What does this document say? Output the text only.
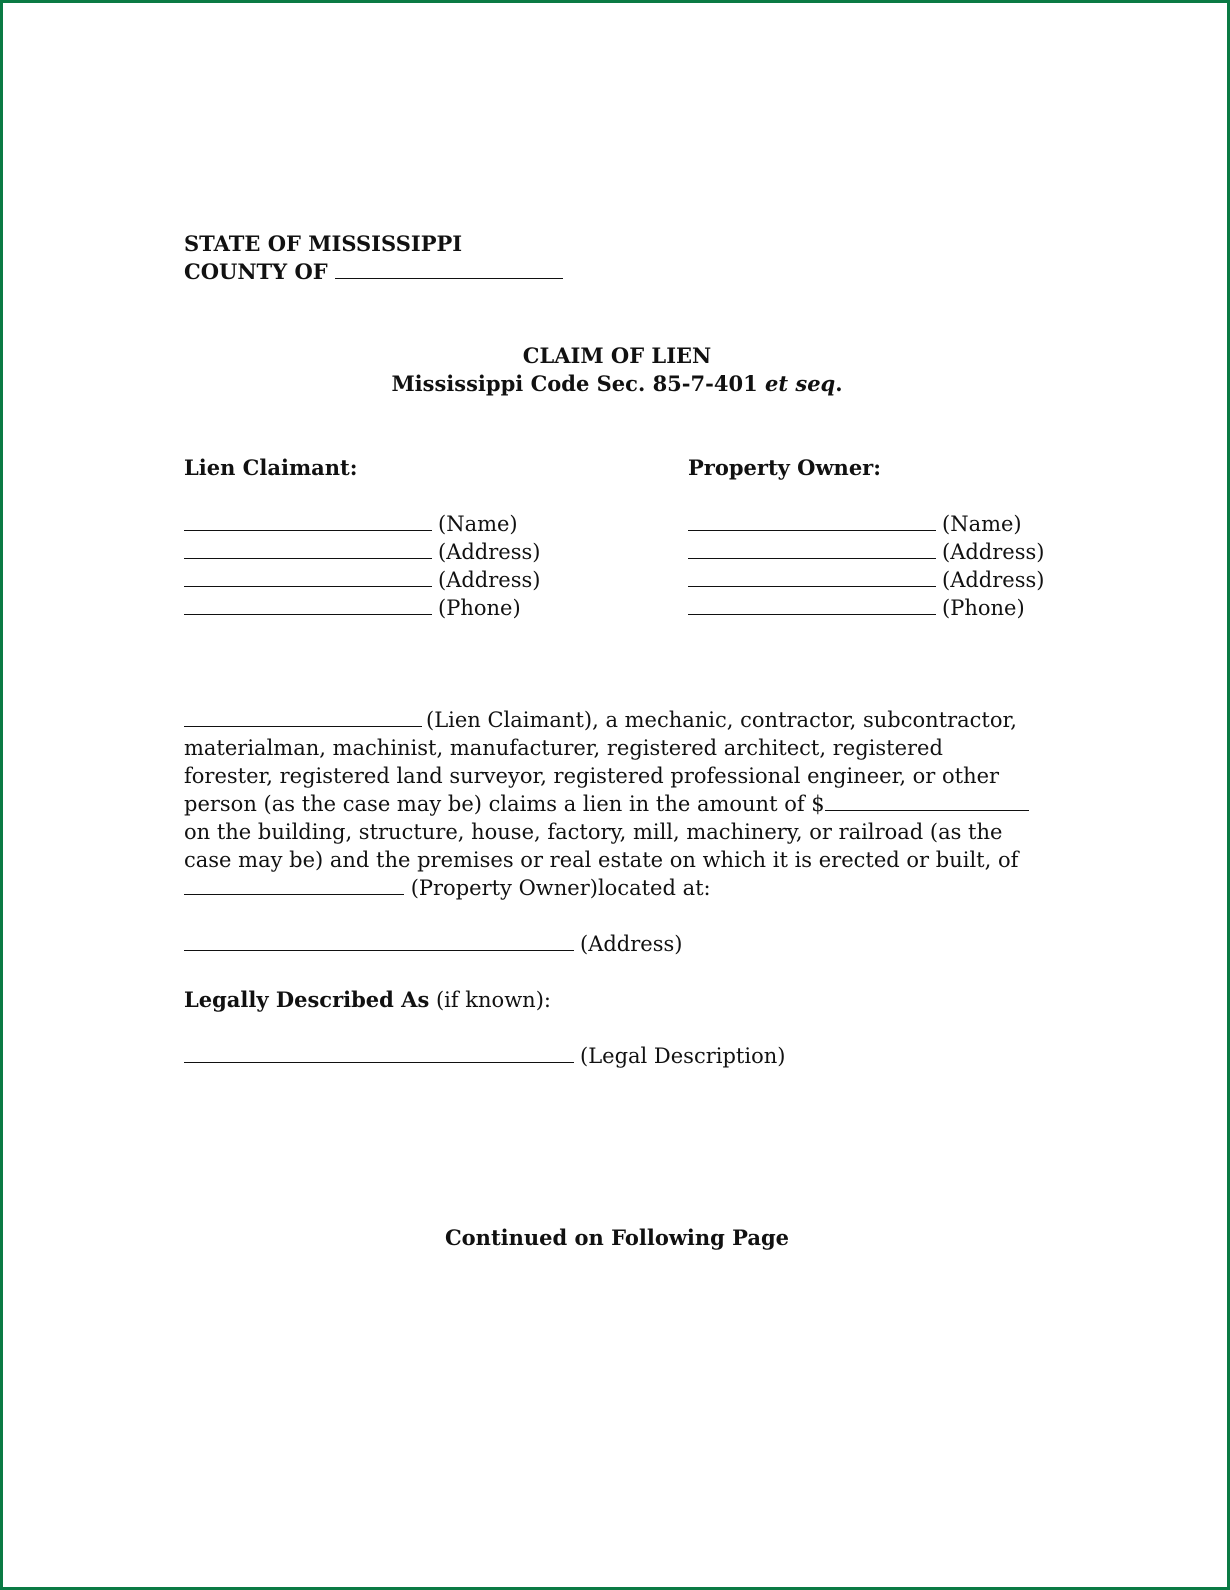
STATE OF MISSISSIPPI
COUNTY OF
CLAIM OF LIEN
Mississippi Code Sec. 85-7-401 et seq.
Lien Claimant:
(Name)
(Address)
(Address)
(Phone)
Property Owner:
(Name)
(Address)
(Address)
(Phone)
(Lien Claimant), a mechanic, contractor, subcontractor, materialman, machinist, manufacturer, registered architect, registered forester, registered land surveyor, registered professional engineer, or other person (as the case may be) claims a lien in the amount of $ on the building, structure, house, factory, mill, machinery, or railroad (as the case may be) and the premises or real estate on which it is erected or built, of  (Property Owner)located at:
(Address)
Legally Described As (if known):
(Legal Description)
Continued on Following Page
